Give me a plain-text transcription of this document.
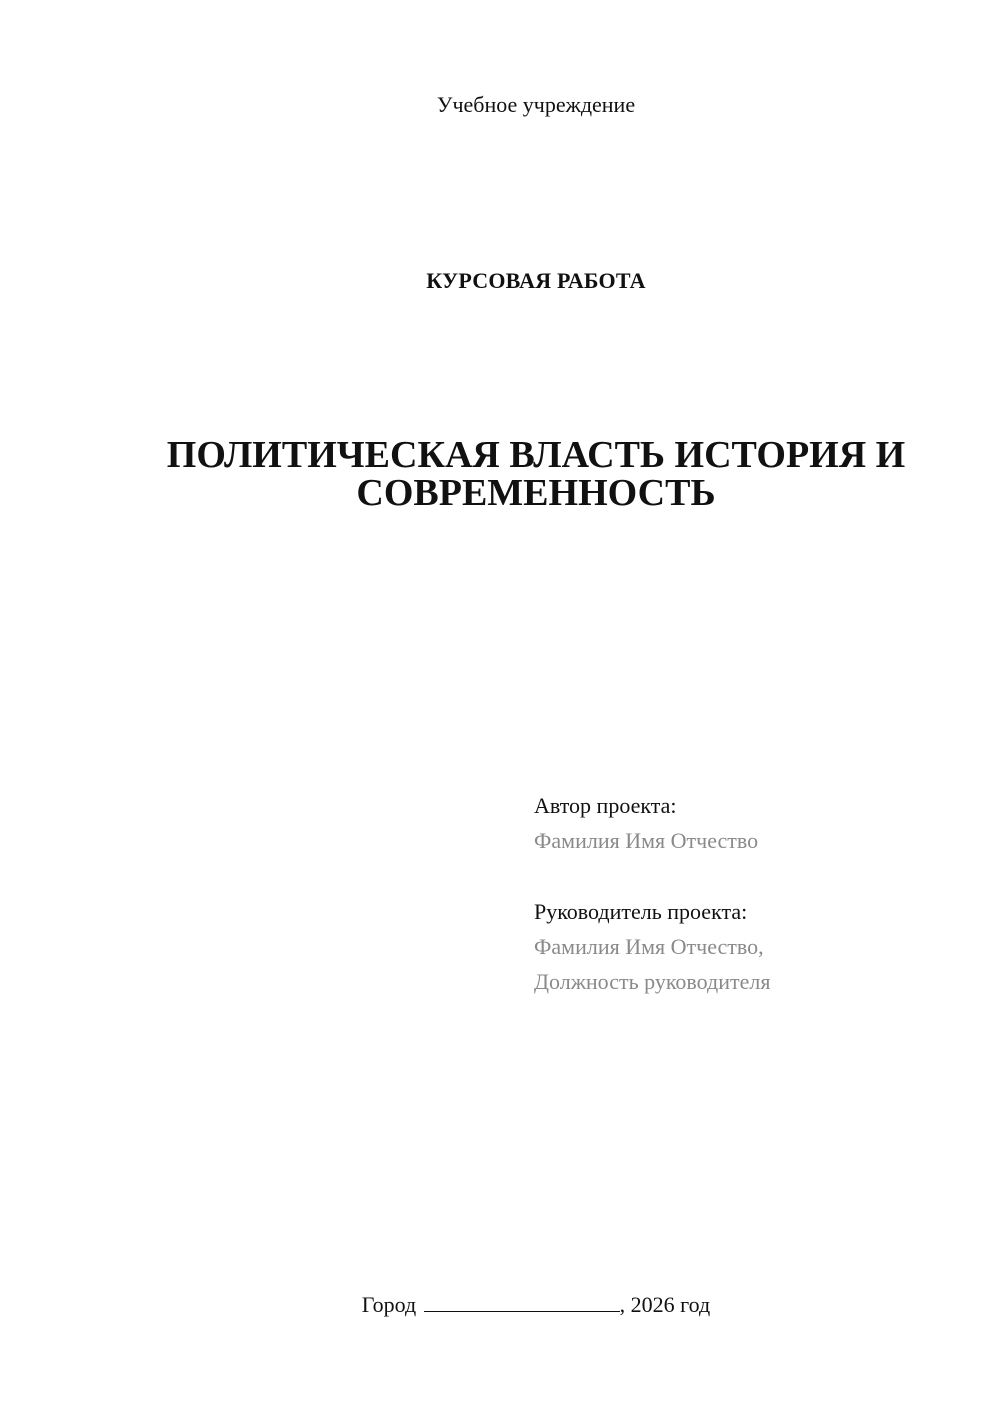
Учебное учреждение
КУРСОВАЯ РАБОТА
ПОЛИТИЧЕСКАЯ ВЛАСТЬ ИСТОРИЯ И
СОВРЕМЕННОСТЬ
Автор проекта:
Фамилия Имя Отчество
Руководитель проекта:
Фамилия Имя Отчество,
Должность руководителя
Город	, 2026 год
